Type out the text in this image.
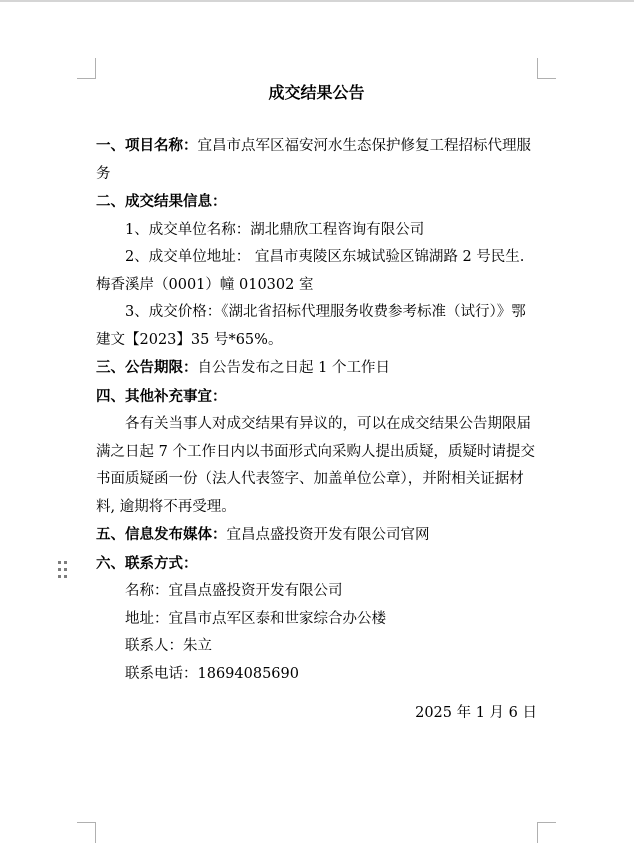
成交结果公告

一、项目名称：宜昌市点军区福安河水生态保护修复工程招标代理服务

二、成交结果信息：

1、成交单位名称：湖北鼎欣工程咨询有限公司

2、成交单位地址： 宜昌市夷陵区东城试验区锦湖路 2 号民生.梅香溪岸（0001）幢 010302 室

3、成交价格：《湖北省招标代理服务收费参考标准（试行）》鄂建文【2023】35 号*65%。

三、公告期限：自公告发布之日起 1 个工作日

四、其他补充事宜：

各有关当事人对成交结果有异议的，可以在成交结果公告期限届满之日起 7 个工作日内以书面形式向采购人提出质疑，质疑时请提交书面质疑函一份（法人代表签字、加盖单位公章），并附相关证据材料, 逾期将不再受理。

五、信息发布媒体：宜昌点盛投资开发有限公司官网

六、联系方式：

名称：宜昌点盛投资开发有限公司

地址：宜昌市点军区泰和世家综合办公楼

联系人：朱立

联系电话：18694085690

2025 年 1 月 6 日
